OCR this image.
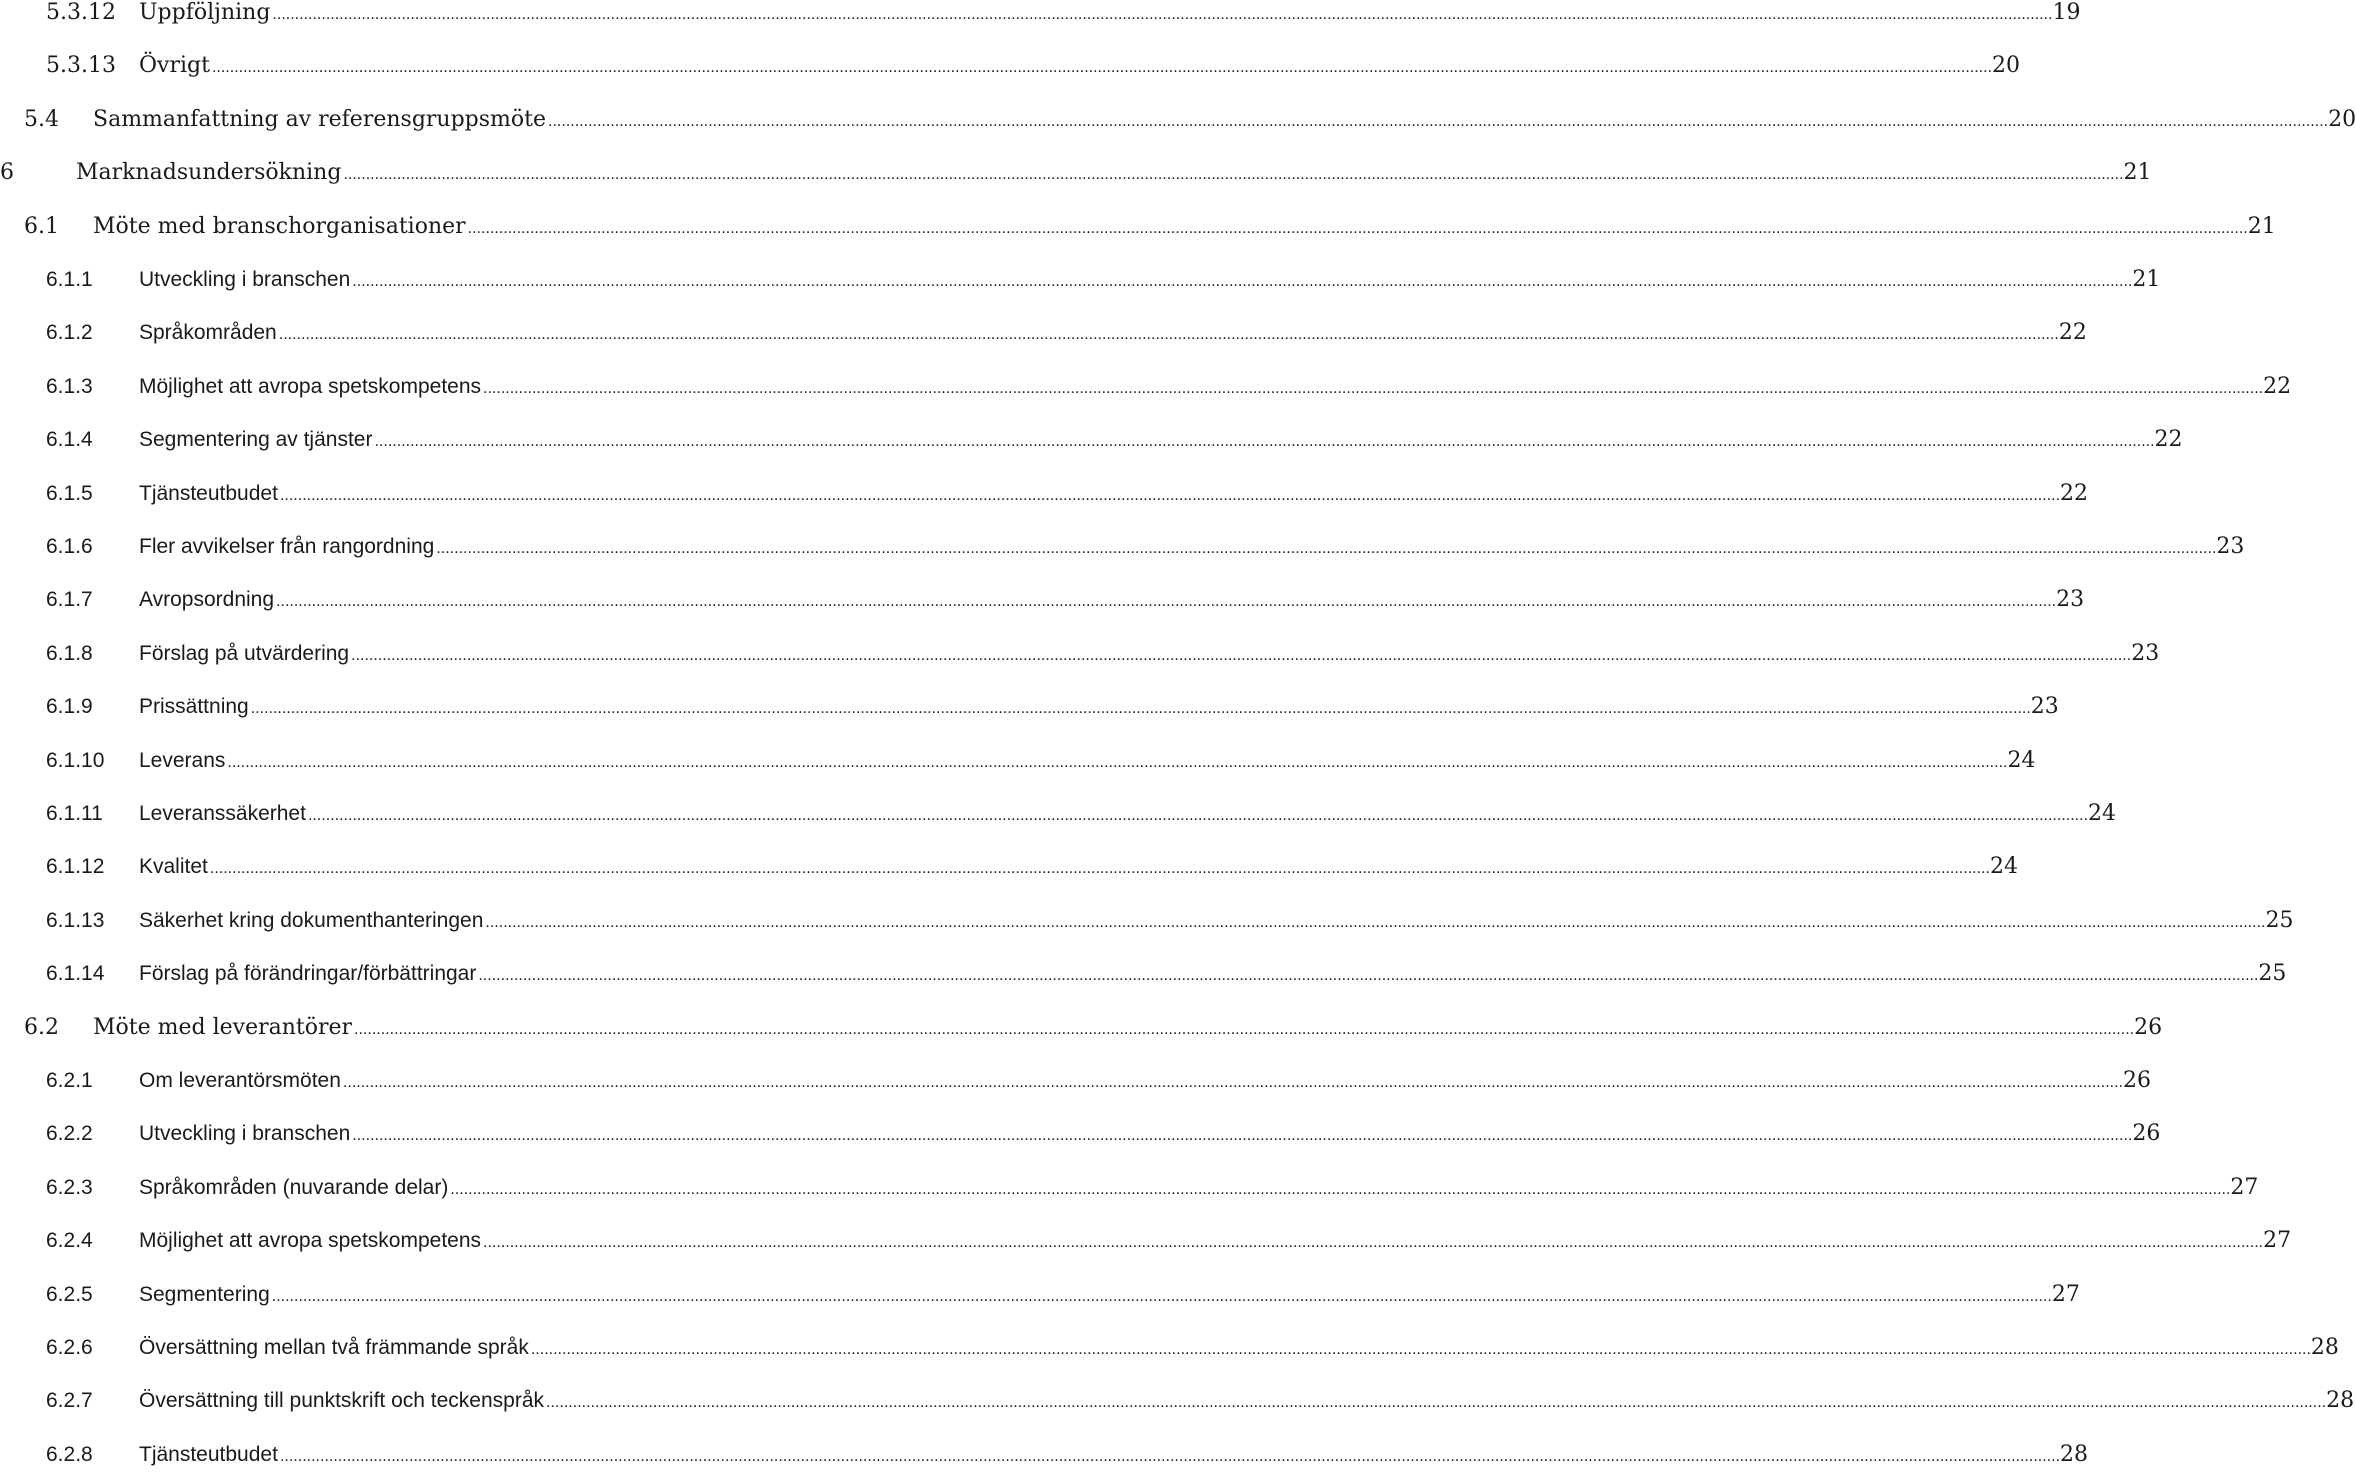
5.3.12	Uppföljning ................................................................................................................................................................................................................................................................................................................................................................................................................ 19
5.3.13	Övrigt ................................................................................................................................................................................................................................................................................................................................................................................................................ 20
5.4	Sammanfattning av referensgruppsmöte ................................................................................................................................................................................................................................................................................................................................................................................................................ 20
6	Marknadsundersökning ................................................................................................................................................................................................................................................................................................................................................................................................................ 21
6.1	Möte med branschorganisationer ................................................................................................................................................................................................................................................................................................................................................................................................................ 21
6.1.1	Utveckling i branschen ................................................................................................................................................................................................................................................................................................................................................................................................................ 21
6.1.2	Språkområden ................................................................................................................................................................................................................................................................................................................................................................................................................ 22
6.1.3	Möjlighet att avropa spetskompetens ................................................................................................................................................................................................................................................................................................................................................................................................................ 22
6.1.4	Segmentering av tjänster ................................................................................................................................................................................................................................................................................................................................................................................................................ 22
6.1.5	Tjänsteutbudet ................................................................................................................................................................................................................................................................................................................................................................................................................ 22
6.1.6	Fler avvikelser från rangordning ................................................................................................................................................................................................................................................................................................................................................................................................................ 23
6.1.7	Avropsordning ................................................................................................................................................................................................................................................................................................................................................................................................................ 23
6.1.8	Förslag på utvärdering ................................................................................................................................................................................................................................................................................................................................................................................................................ 23
6.1.9	Prissättning ................................................................................................................................................................................................................................................................................................................................................................................................................ 23
6.1.10	Leverans ................................................................................................................................................................................................................................................................................................................................................................................................................ 24
6.1.11	Leveranssäkerhet ................................................................................................................................................................................................................................................................................................................................................................................................................ 24
6.1.12	Kvalitet ................................................................................................................................................................................................................................................................................................................................................................................................................ 24
6.1.13	Säkerhet kring dokumenthanteringen ................................................................................................................................................................................................................................................................................................................................................................................................................ 25
6.1.14	Förslag på förändringar/förbättringar ................................................................................................................................................................................................................................................................................................................................................................................................................ 25
6.2	Möte med leverantörer ................................................................................................................................................................................................................................................................................................................................................................................................................ 26
6.2.1	Om leverantörsmöten ................................................................................................................................................................................................................................................................................................................................................................................................................ 26
6.2.2	Utveckling i branschen ................................................................................................................................................................................................................................................................................................................................................................................................................ 26
6.2.3	Språkområden (nuvarande delar) ................................................................................................................................................................................................................................................................................................................................................................................................................ 27
6.2.4	Möjlighet att avropa spetskompetens ................................................................................................................................................................................................................................................................................................................................................................................................................ 27
6.2.5	Segmentering ................................................................................................................................................................................................................................................................................................................................................................................................................ 27
6.2.6	Översättning mellan två främmande språk ................................................................................................................................................................................................................................................................................................................................................................................................................ 28
6.2.7	Översättning till punktskrift och teckenspråk ................................................................................................................................................................................................................................................................................................................................................................................................................ 28
6.2.8	Tjänsteutbudet ................................................................................................................................................................................................................................................................................................................................................................................................................ 28
